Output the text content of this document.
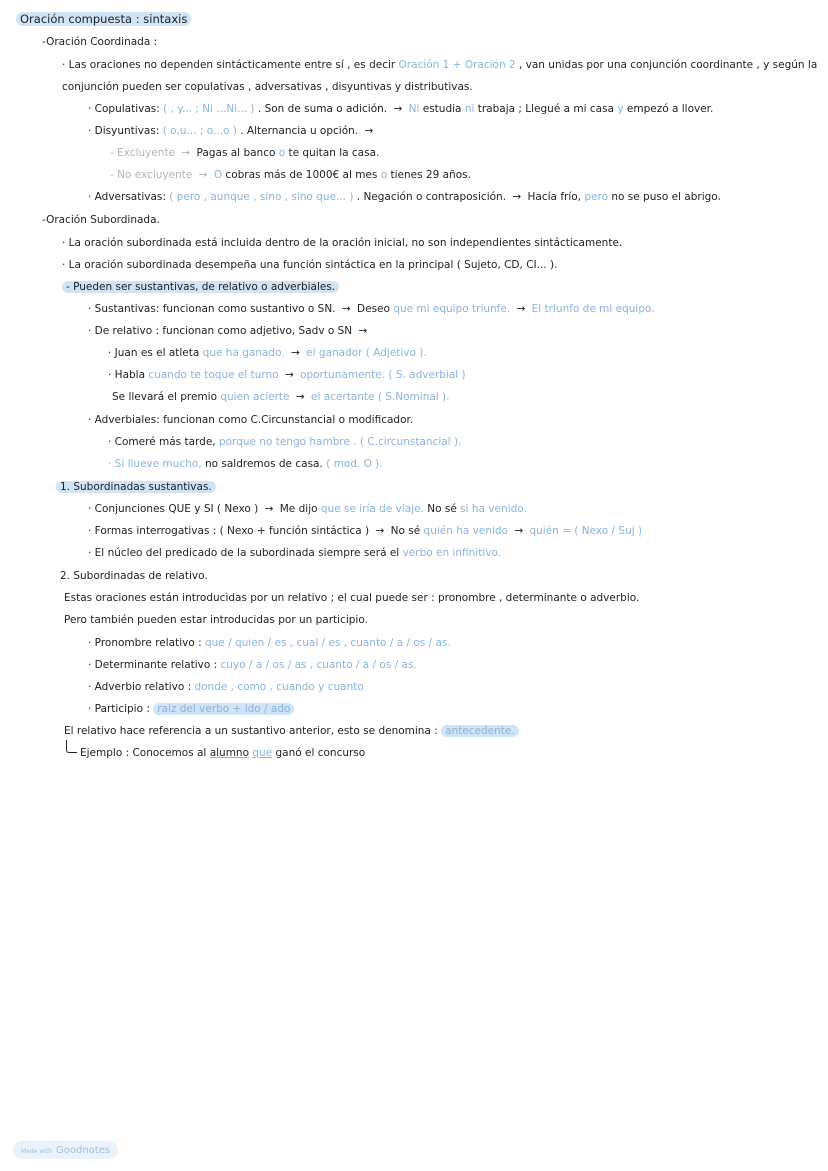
Oración compuesta : sintaxis
-Oración Coordinada :
· Las oraciones no dependen sintácticamente entre sí , es decir Oración 1 + Oración 2 , van unidas por una conjunción coordinante , y según la
conjunción pueden ser copulativas , adversativas , disyuntivas y distributivas.
· Copulativas: ( , y... ; Ni ...Ni... ) . Son de suma o adición. → Ni estudia ni trabaja ; Llegué a mi casa y empezó a llover.
· Disyuntivas: ( o,u... ; o...o ) . Alternancia u opción. →
- Excluyente → Pagas al banco o te quitan la casa.
- No excluyente → O cobras más de 1000€ al mes o tienes 29 años.
· Adversativas: ( pero , aunque , sino , sino que... ) . Negación o contraposición. → Hacía frío, pero no se puso el abrigo.
-Oración Subordinada.
· La oración subordinada está incluida dentro de la oración inicial, no son independientes sintácticamente.
· La oración subordinada desempeña una función sintáctica en la principal ( Sujeto, CD, CI... ).
- Pueden ser sustantivas, de relativo o adverbiales.
· Sustantivas: funcionan como sustantivo o SN. → Deseo que mi equipo triunfe. → El triunfo de mi equipo.
· De relativo : funcionan como adjetivo, Sadv o SN →
· Juan es el atleta que ha ganado. → el ganador ( Adjetivo ).
· Habla cuando te toque el turno → oportunamente. ( S. adverbial )
Se llevará el premio quien acierte → el acertante ( S.Nominal ).
· Adverbiales: funcionan como C.Circunstancial o modificador.
· Comeré más tarde, porque no tengo hambre . ( C.circunstancial ).
· Si llueve mucho, no saldremos de casa. ( mod. O ).
1. Subordinadas sustantivas.
· Conjunciones QUE y SI ( Nexo ) → Me dijo que se iría de viaje. No sé si ha venido.
· Formas interrogativas : ( Nexo + función sintáctica ) → No sé quién ha venido → quién = ( Nexo / Suj )
· El núcleo del predicado de la subordinada siempre será el verbo en infinitivo.
2. Subordinadas de relativo.
Estas oraciones están introducidas por un relativo ; el cual puede ser : pronombre , determinante o adverbio.
Pero también pueden estar introducidas por un participio.
· Pronombre relativo : que / quien / es , cual / es , cuanto / a / os / as.
· Determinante relativo : cuyo / a / os / as , cuanto / a / os / as.
· Adverbio relativo : donde , como , cuando y cuanto
· Participio : raíz del verbo + ido / ado
El relativo hace referencia a un sustantivo anterior, esto se denomina : antecedente.
Ejemplo : Conocemos al alumno que ganó el concurso
Made with Goodnotes
